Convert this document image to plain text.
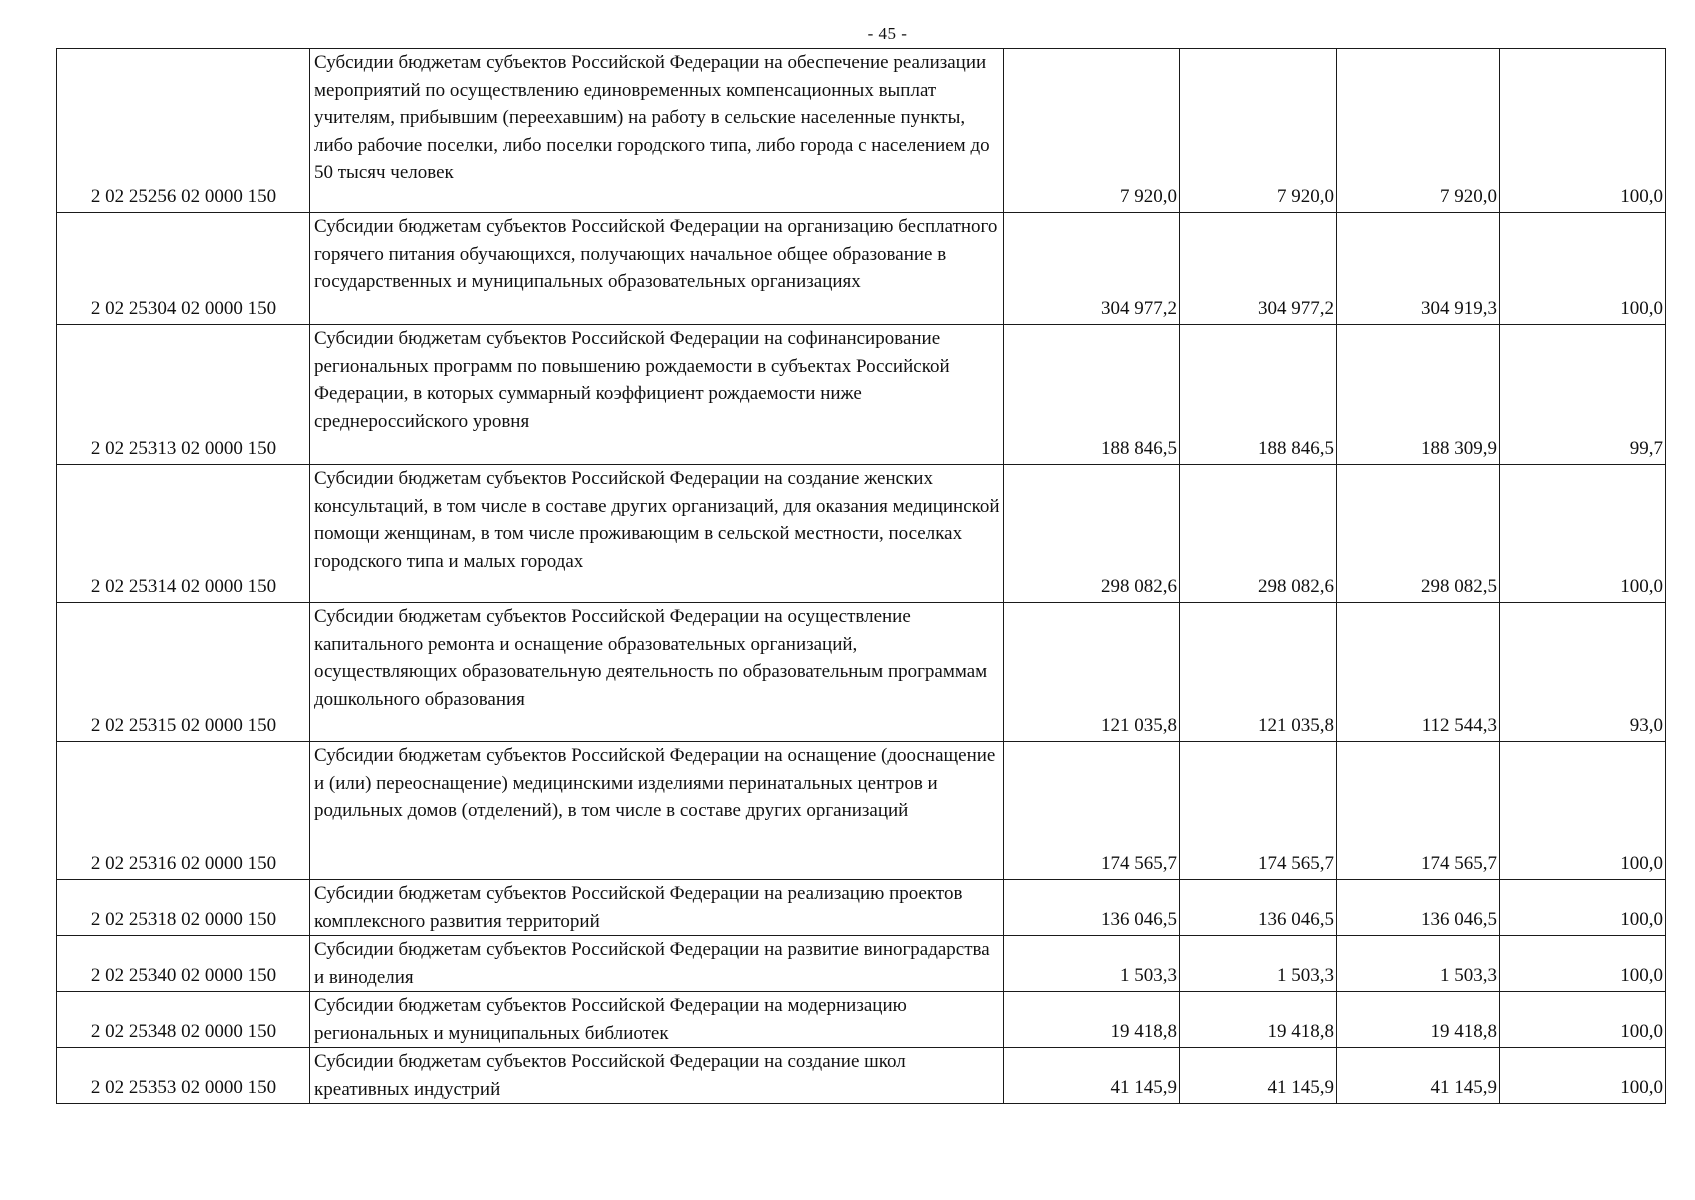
- 45 -
2 02 25256 02 0000 150	Субсидии бюджетам субъектов Российской Федерации на обеспечение реализации мероприятий по осуществлению единовременных компенсационных выплат учителям, прибывшим (переехавшим) на работу в сельские населенные пункты, либо рабочие поселки, либо поселки городского типа, либо города с населением до 50 тысяч человек	7 920,0	7 920,0	7 920,0	100,0
2 02 25304 02 0000 150	Субсидии бюджетам субъектов Российской Федерации на организацию бесплатного горячего питания обучающихся, получающих начальное общее образование в государственных и муниципальных образовательных организациях	304 977,2	304 977,2	304 919,3	100,0
2 02 25313 02 0000 150	Субсидии бюджетам субъектов Российской Федерации на софинансирование региональных программ по повышению рождаемости в субъектах Российской Федерации, в которых суммарный коэффициент рождаемости ниже среднероссийского уровня	188 846,5	188 846,5	188 309,9	99,7
2 02 25314 02 0000 150	Субсидии бюджетам субъектов Российской Федерации на создание женских консультаций, в том числе в составе других организаций, для оказания медицинской помощи женщинам, в том числе проживающим в сельской местности, поселках городского типа и малых городах	298 082,6	298 082,6	298 082,5	100,0
2 02 25315 02 0000 150	Субсидии бюджетам субъектов Российской Федерации на осуществление капитального ремонта и оснащение образовательных организаций, осуществляющих образовательную деятельность по образовательным программам дошкольного образования	121 035,8	121 035,8	112 544,3	93,0
2 02 25316 02 0000 150	Субсидии бюджетам субъектов Российской Федерации на оснащение (дооснащение и (или) переоснащение) медицинскими изделиями перинатальных центров и родильных домов (отделений), в том числе в составе других организаций	174 565,7	174 565,7	174 565,7	100,0
2 02 25318 02 0000 150	Субсидии бюджетам субъектов Российской Федерации на реализацию проектов комплексного развития территорий	136 046,5	136 046,5	136 046,5	100,0
2 02 25340 02 0000 150	Субсидии бюджетам субъектов Российской Федерации на развитие виноградарства и виноделия	1 503,3	1 503,3	1 503,3	100,0
2 02 25348 02 0000 150	Субсидии бюджетам субъектов Российской Федерации на модернизацию региональных и муниципальных библиотек	19 418,8	19 418,8	19 418,8	100,0
2 02 25353 02 0000 150	Субсидии бюджетам субъектов Российской Федерации на создание школ креативных индустрий	41 145,9	41 145,9	41 145,9	100,0
